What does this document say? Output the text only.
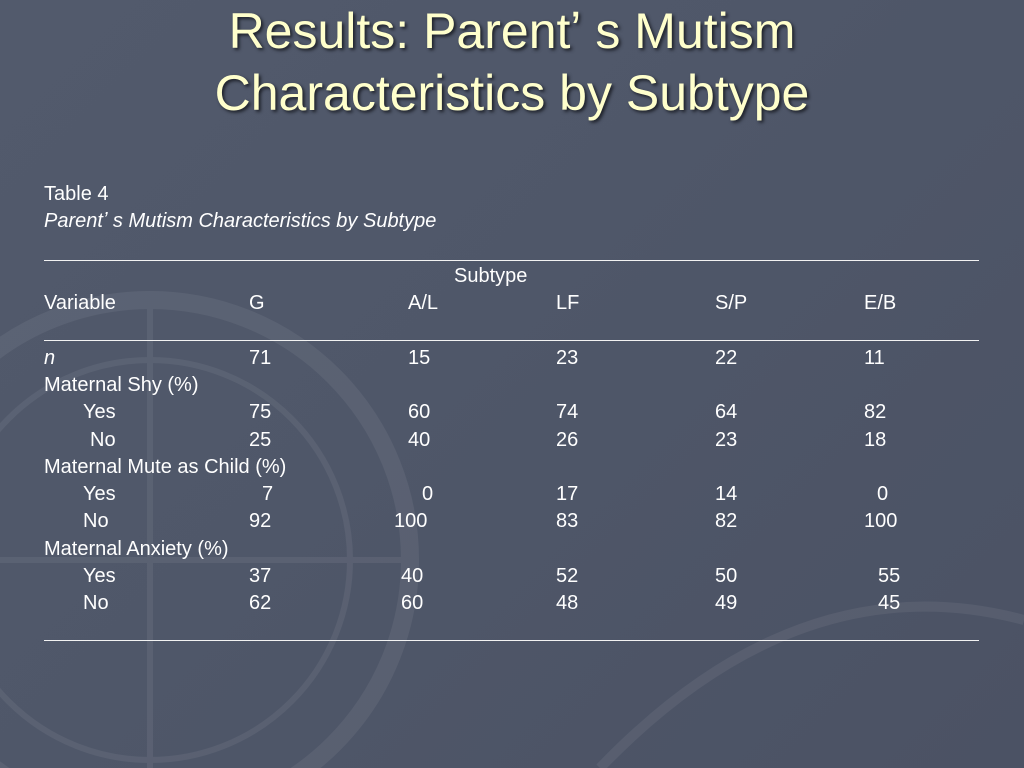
Results: Parentʼ s Mutism
Characteristics by Subtype
Table 4
Parentʼ s Mutism Characteristics by Subtype
Subtype
Variable	G	A/L	LF	S/P	E/B
n	71	15	23	22	11
Maternal Shy (%)
Yes	75	60	74	64	82
No	25	40	26	23	18
Maternal Mute as Child (%)
Yes	7	0	17	14	0
No	92	100	83	82	100
Maternal Anxiety (%)
Yes	37	40	52	50	55
No	62	60	48	49	45
